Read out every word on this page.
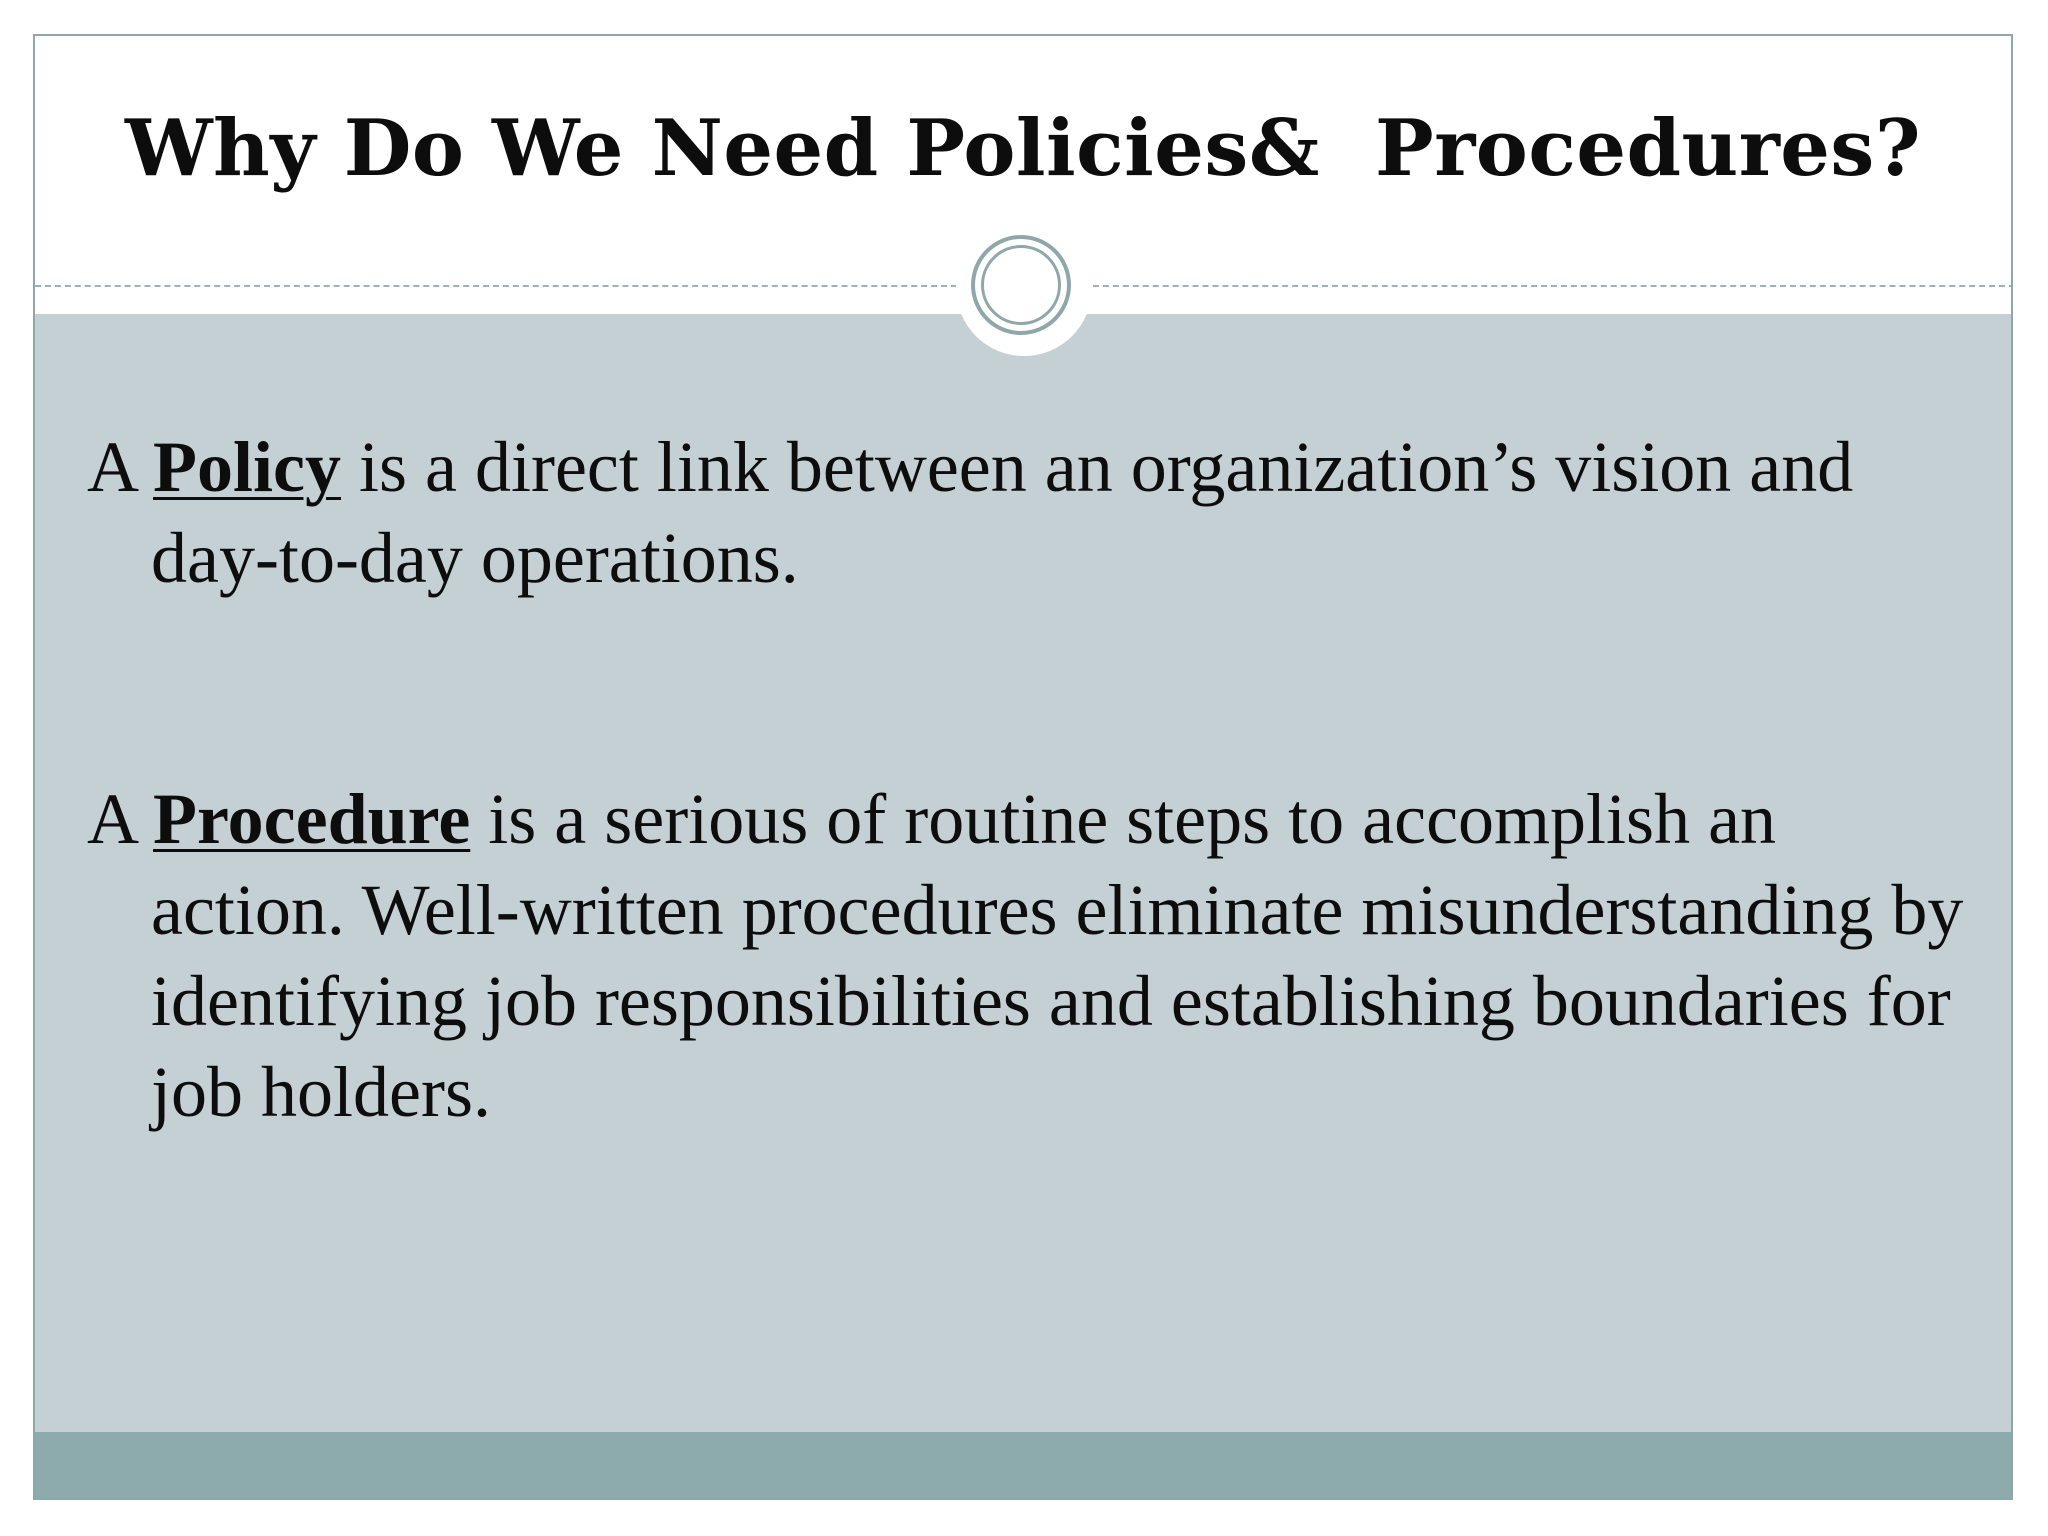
Why Do We Need Policies&  Procedures?
A Policy is a direct link between an organization’s vision and day-to-day operations.
A Procedure is a serious of routine steps to accomplish an action. Well-written procedures eliminate misunderstanding by identifying job responsibilities and establishing boundaries for job holders.
